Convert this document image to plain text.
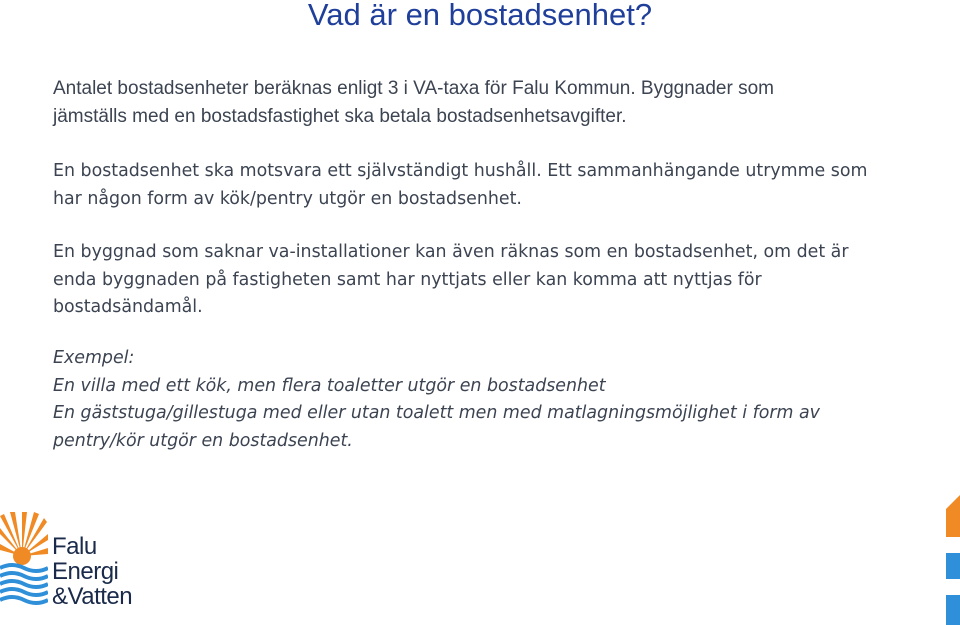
Vad är en bostadsenhet?

Antalet bostadsenheter beräknas enligt 3 i VA-taxa för Falu Kommun. Byggnader som
jämställs med en bostadsfastighet ska betala bostadsenhetsavgifter.

En bostadsenhet ska motsvara ett självständigt hushåll. Ett sammanhängande utrymme som
har någon form av kök/pentry utgör en bostadsenhet.

En byggnad som saknar va-installationer kan även räknas som en bostadsenhet, om det är
enda byggnaden på fastigheten samt har nyttjats eller kan komma att nyttjas för
bostadsändamål.

Exempel:
En villa med ett kök, men flera toaletter utgör en bostadsenhet
En gäststuga/gillestuga med eller utan toalett men med matlagningsmöjlighet i form av
pentry/kör utgör en bostadsenhet.

Falu
Energi
&Vatten
